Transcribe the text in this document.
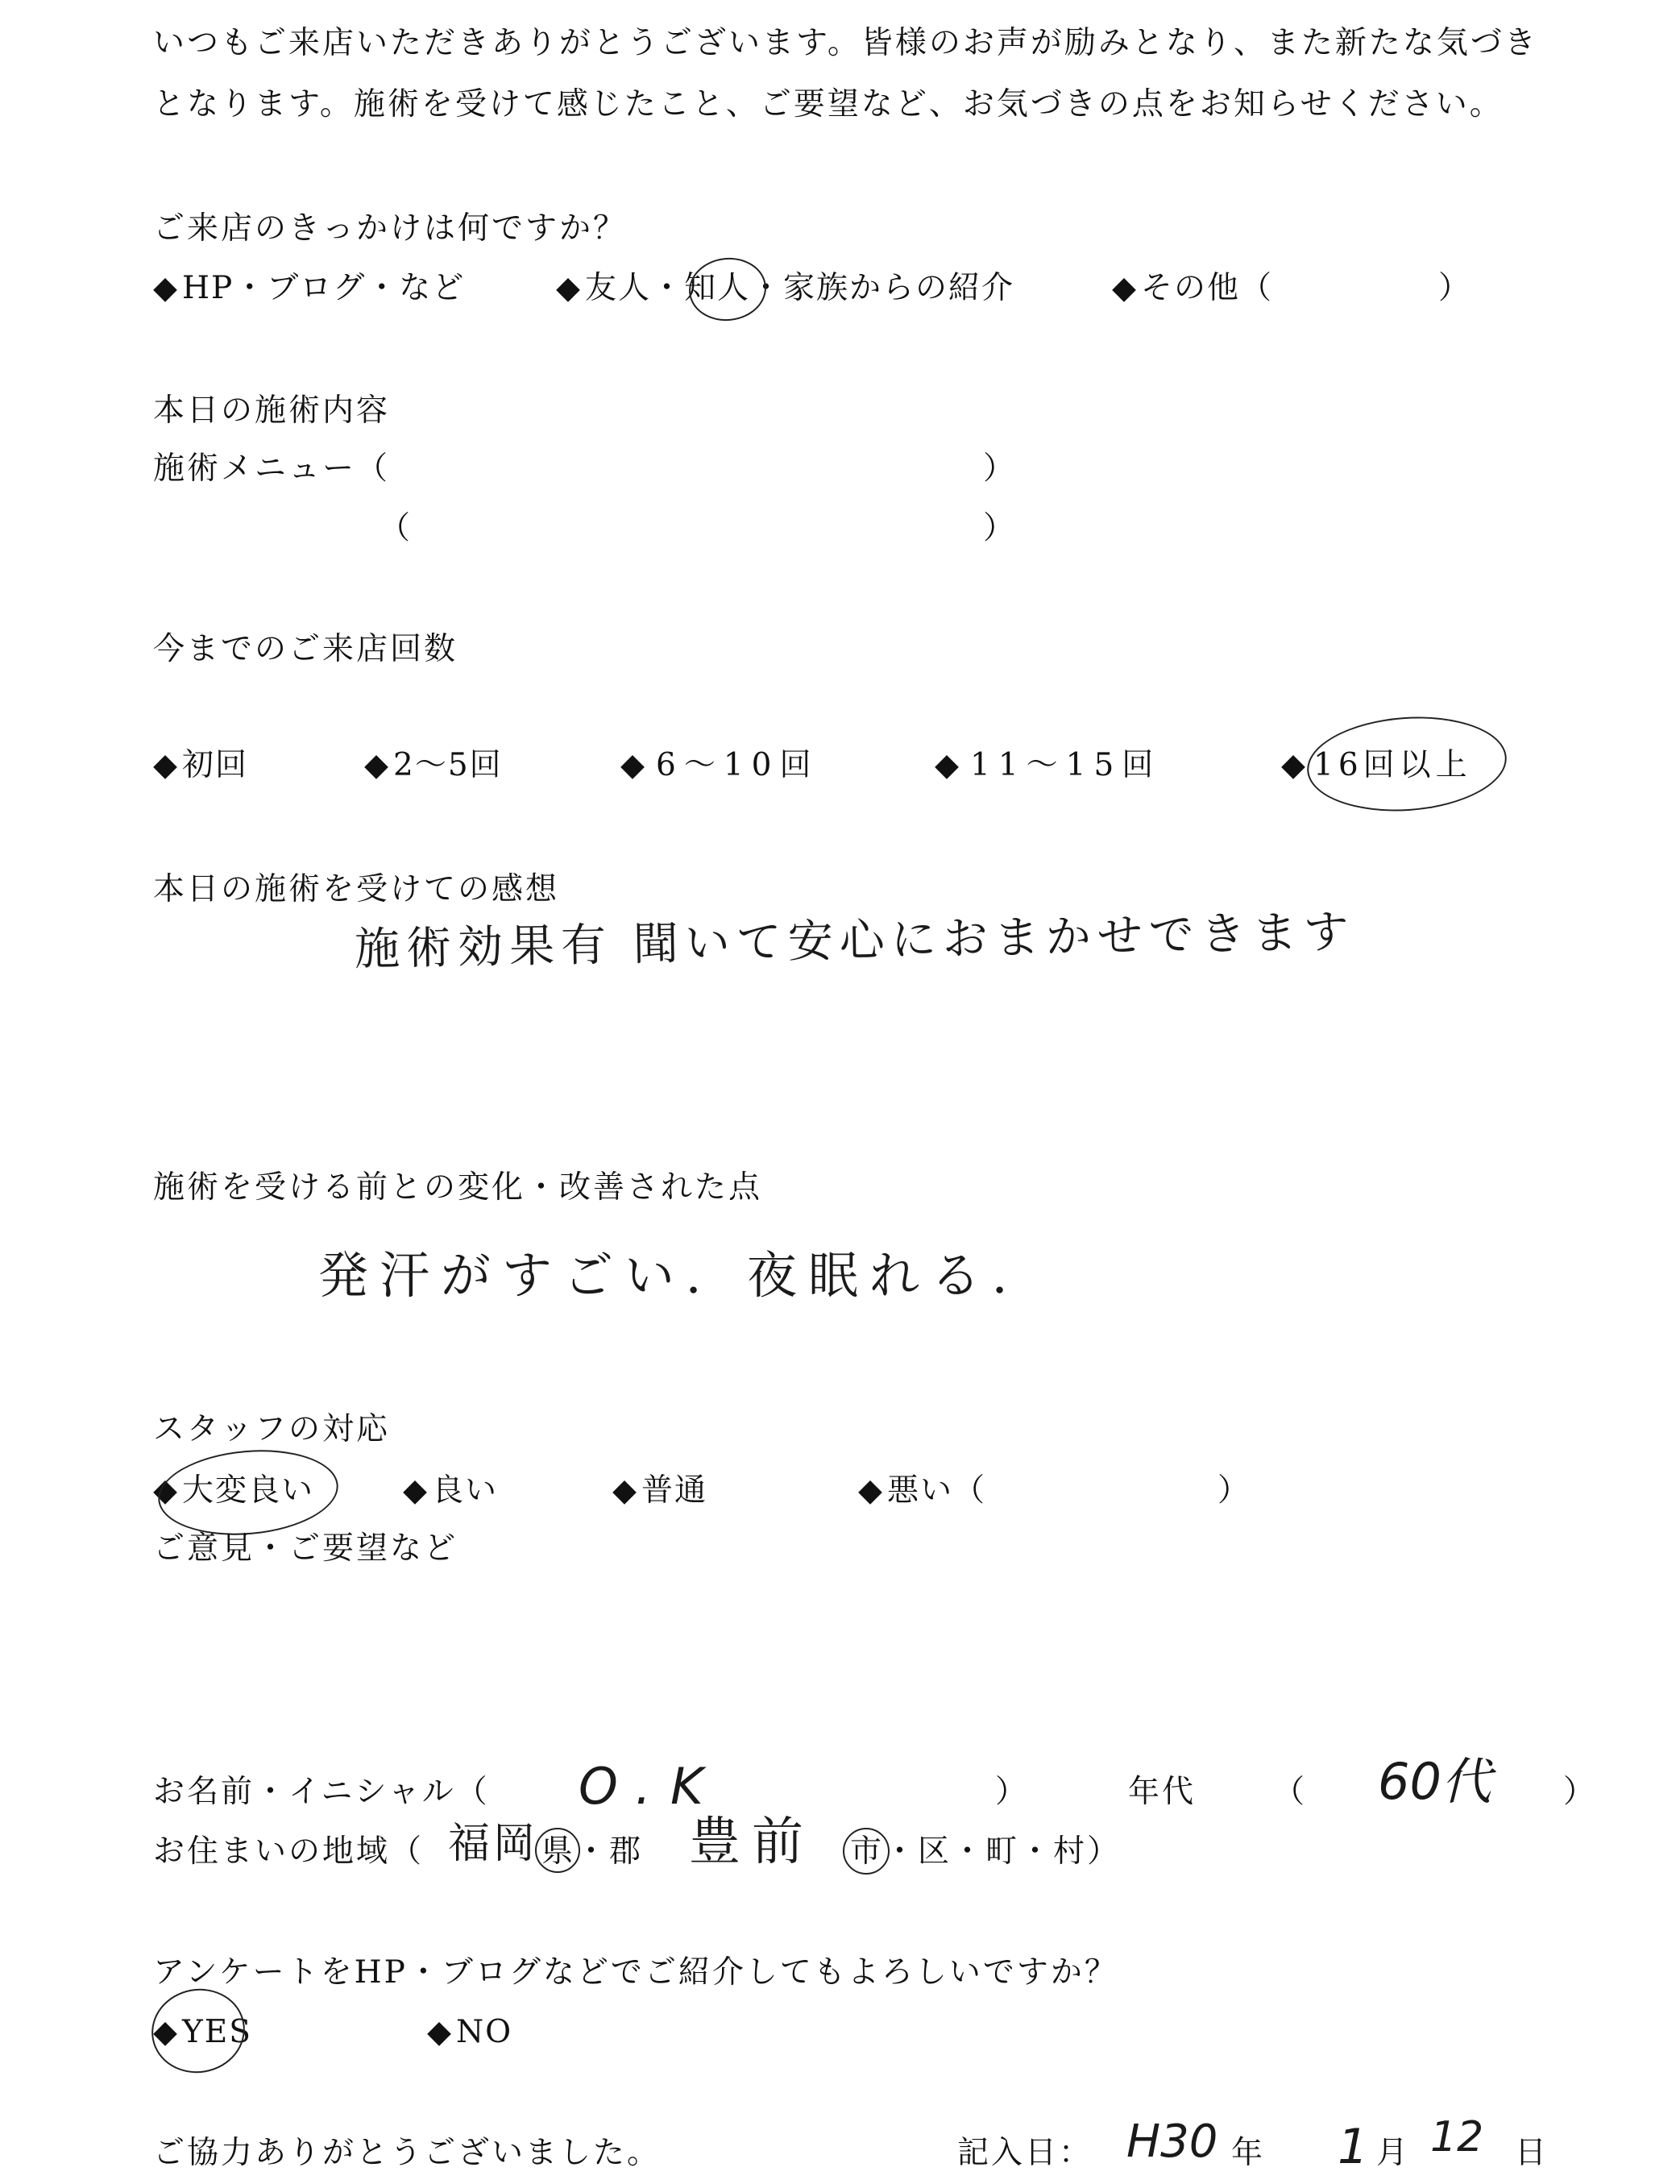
いつもご来店いただきありがとうございます。皆様のお声が励みとなり、また新たな気づき
となります。施術を受けて感じたこと、ご要望など、お気づきの点をお知らせください。
ご来店のきっかけは何ですか？
◆ HP・ブログ・など	◆ 友人・知人・家族からの紹介	◆ その他（　　　　　）
本日の施術内容
施術メニュー（	）
（	）
今までのご来店回数
◆ 初回	◆ 2～5回	◆ 6～10回	◆ 11～15回	◆ 16回以上
本日の施術を受けての感想
施術効果有 聞いて安心におまかせできます
施術を受ける前との変化・改善された点
発汗がすごい．夜眠れる．
スタッフの対応
◆ 大変良い	◆ 良い	◆ 普通	◆ 悪い（　　　　　　　）
ご意見・ご要望など
お名前・イニシャル（ O.K	）	年代 （ 60代 ）
お住まいの地域（ 福岡 県・郡 豊前 市・区・町・村）
アンケートをHP・ブログなどでご紹介してもよろしいですか？
◆ YES	◆ NO
ご協力ありがとうございました。	記入日： H30 年 1 月 12 日
